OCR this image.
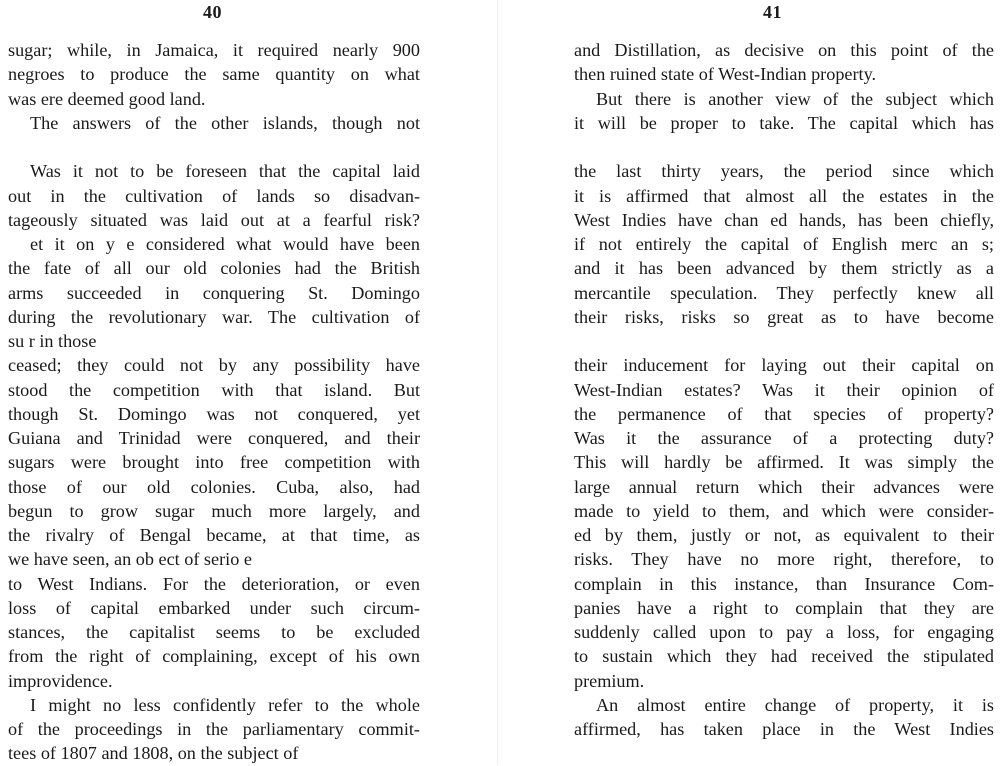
40	41
sugar; while, in Jamaica, it required nearly 900
negroes to produce the same quantity on what
was ere deemed good land.
The answers of the other islands, though not
Was it not to be foreseen that the capital laid
out in the cultivation of lands so disadvan-
tageously situated was laid out at a fearful risk?
et it on y e considered what would have been
the fate of all our old colonies had the British
arms succeeded in conquering St. Domingo
during the revolutionary war. The cultivation of
su r in those
ceased; they could not by any possibility have
stood the competition with that island. But
though St. Domingo was not conquered, yet
Guiana and Trinidad were conquered, and their
sugars were brought into free competition with
those of our old colonies. Cuba, also, had
begun to grow sugar much more largely, and
the rivalry of Bengal became, at that time, as
we have seen, an ob ect of serio e
to West Indians. For the deterioration, or even
loss of capital embarked under such circum-
stances, the capitalist seems to be excluded
from the right of complaining, except of his own
improvidence.
I might no less confidently refer to the whole
of the proceedings in the parliamentary commit-
tees of 1807 and 1808, on the subject of
and Distillation, as decisive on this point of the
then ruined state of West-Indian property.
But there is another view of the subject which
it will be proper to take. The capital which has
the last thirty years, the period since which
it is affirmed that almost all the estates in the
West Indies have chan ed hands, has been chiefly,
if not entirely the capital of English merc an s;
and it has been advanced by them strictly as a
mercantile speculation. They perfectly knew all
their risks, risks so great as to have become
their inducement for laying out their capital on
West-Indian estates? Was it their opinion of
the permanence of that species of property?
Was it the assurance of a protecting duty?
This will hardly be affirmed. It was simply the
large annual return which their advances were
made to yield to them, and which were consider-
ed by them, justly or not, as equivalent to their
risks. They have no more right, therefore, to
complain in this instance, than Insurance Com-
panies have a right to complain that they are
suddenly called upon to pay a loss, for engaging
to sustain which they had received the stipulated
premium.
An almost entire change of property, it is
affirmed, has taken place in the West Indies
